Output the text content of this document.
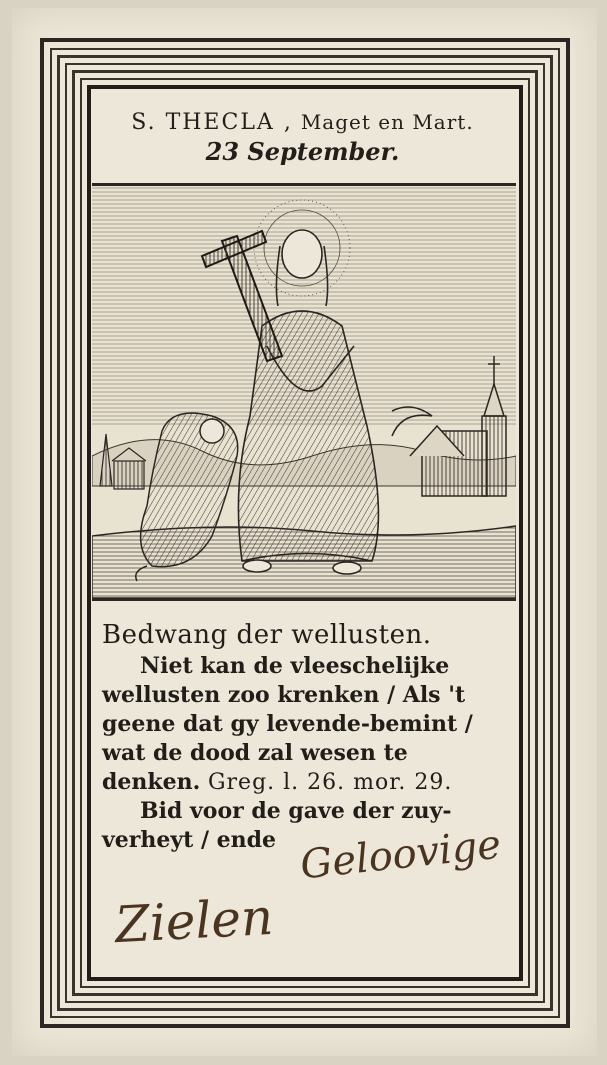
S. THECLA , Maget en Mart.
23 September.
Bedwang der wellusten.
Niet kan de vleeschelijke
wellusten zoo krenken / Als 't
geene dat gy levende-bemint /
wat de dood zal wesen te
denken. Greg. l. 26. mor. 29.
Bid voor de gave der zuy-
verheyt / ende Geloovige
Zielen
